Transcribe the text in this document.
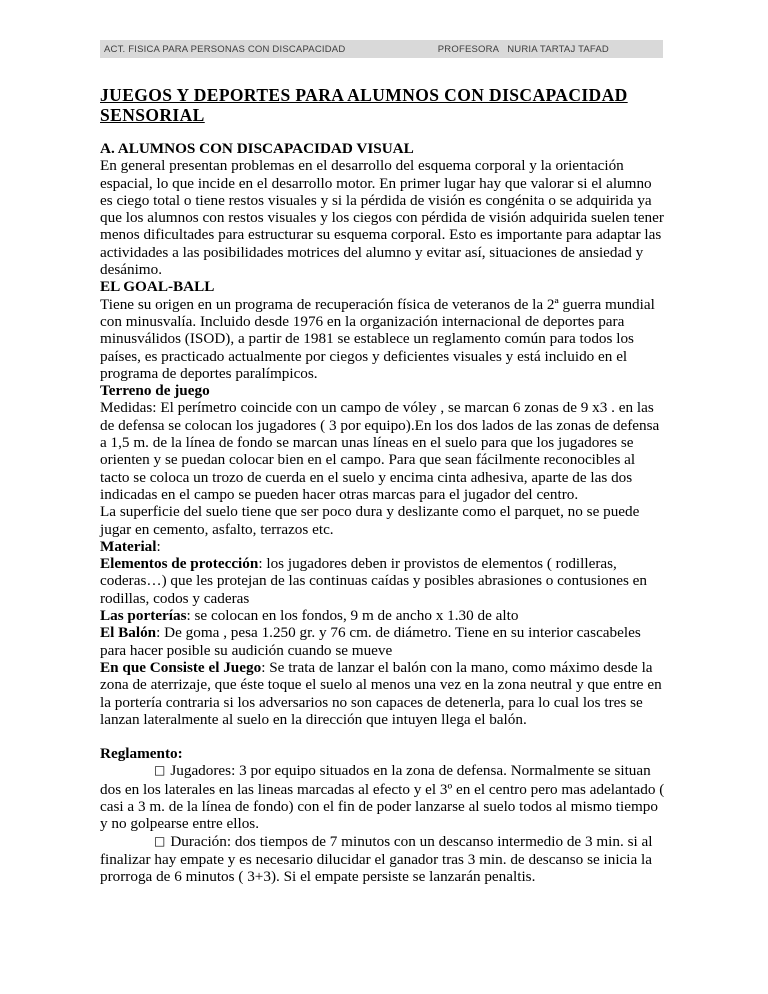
ACT. FISICA PARA PERSONAS CON DISCAPACIDAD	PROFESORA   NURIA TARTAJ TAFAD
JUEGOS Y DEPORTES PARA ALUMNOS CON DISCAPACIDAD SENSORIAL

A. ALUMNOS CON DISCAPACIDAD VISUAL

En general presentan problemas en el desarrollo del esquema corporal y la orientación espacial, lo que incide en el desarrollo motor. En primer lugar hay que valorar si el alumno es ciego total o tiene restos visuales y si la pérdida de visión es congénita o se adquirida ya que los alumnos con restos visuales y los ciegos con pérdida de visión adquirida suelen tener menos dificultades para estructurar su esquema corporal. Esto es importante para adaptar las actividades a las posibilidades motrices del alumno y evitar así, situaciones de ansiedad y desánimo.

EL GOAL-BALL

Tiene su origen en un programa de recuperación física de veteranos de la 2ª guerra mundial con minusvalía. Incluido desde 1976 en la organización internacional de deportes para minusválidos (ISOD), a partir de 1981 se establece un reglamento común para todos los países, es practicado actualmente por ciegos y deficientes visuales y está incluido en el programa de deportes paralímpicos.

Terreno de juego

Medidas: El perímetro coincide con un campo de vóley , se marcan 6 zonas de 9 x3 . en las de defensa se colocan los jugadores ( 3 por equipo).En los dos lados de las zonas de defensa a 1,5 m. de la línea de fondo se marcan unas líneas en el suelo para que los jugadores se orienten y se puedan colocar bien en el campo. Para que sean fácilmente reconocibles al tacto se coloca un trozo de cuerda en el suelo y encima cinta adhesiva, aparte de las dos indicadas en el campo se pueden hacer otras marcas para el jugador del centro.

La superficie del suelo tiene que ser poco dura y deslizante como el parquet, no se puede jugar en cemento, asfalto, terrazos etc.

Material:

Elementos de protección: los jugadores deben ir provistos de elementos ( rodilleras, coderas…) que les protejan de las continuas caídas y posibles abrasiones o contusiones en rodillas, codos y caderas

Las porterías: se colocan en los fondos, 9 m de ancho x 1.30 de alto

El Balón: De goma , pesa 1.250 gr. y 76 cm. de diámetro. Tiene en su interior cascabeles para hacer posible su audición cuando se mueve

En que Consiste el Juego: Se trata de lanzar el balón con la mano, como máximo desde la zona de aterrizaje, que éste toque el suelo al menos una vez en la zona neutral y que entre en la portería contraria si los adversarios no son capaces de detenerla, para lo cual los tres se lanzan lateralmente al suelo en la dirección que intuyen llega el balón.

Reglamento:

□ Jugadores: 3 por equipo situados en la zona de defensa. Normalmente se situan dos en los laterales en las lineas marcadas al efecto y el 3º en el centro pero mas adelantado ( casi a 3 m. de la línea de fondo) con el fin de poder lanzarse al suelo todos al mismo tiempo y no golpearse entre ellos.

□ Duración: dos tiempos de 7 minutos con un descanso intermedio de 3 min. si al finalizar hay empate y es necesario dilucidar el ganador tras 3 min. de descanso se inicia la prorroga de 6 minutos ( 3+3). Si el empate persiste se lanzarán penaltis.
